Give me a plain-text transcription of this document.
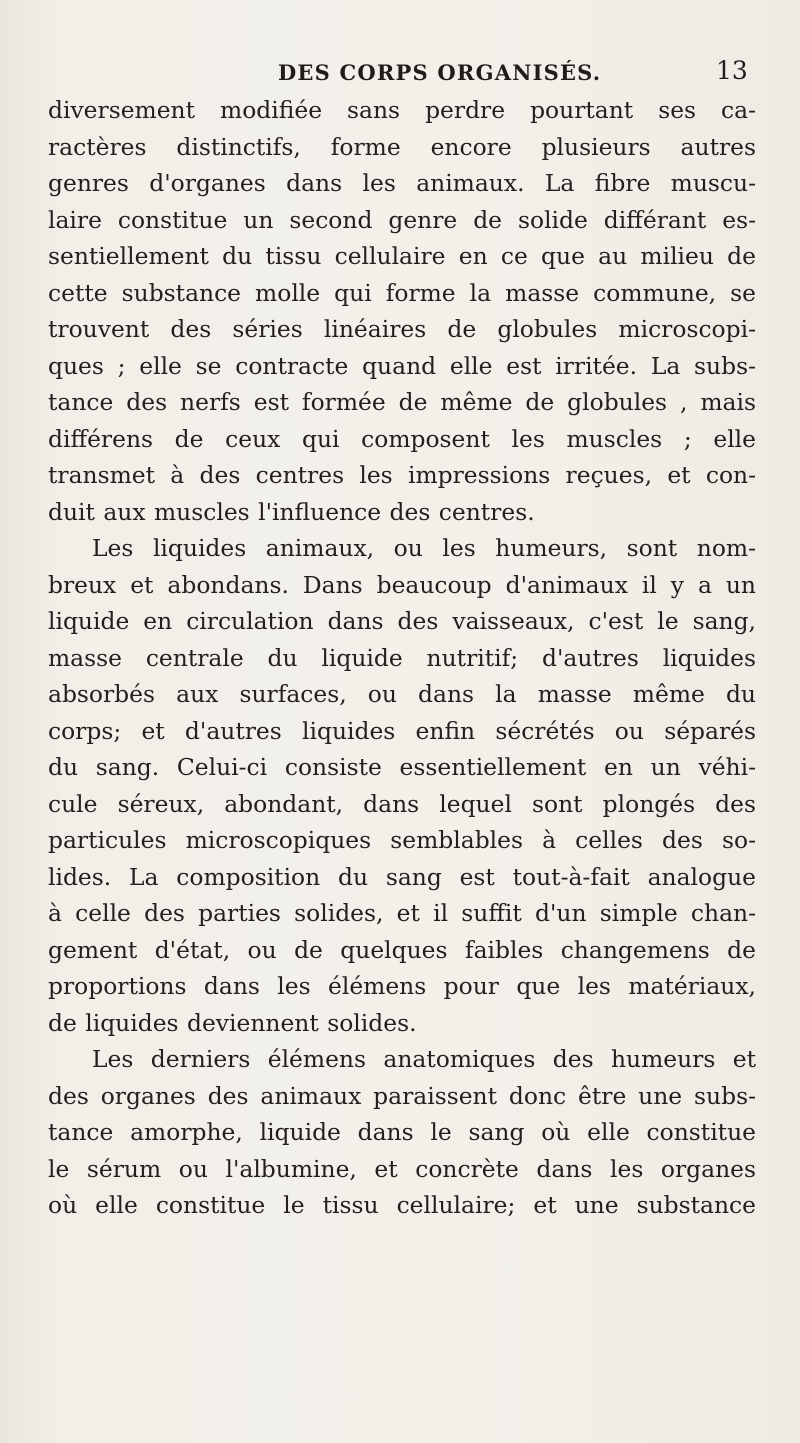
DES CORPS ORGANISÉS.	13
diversement modifiée sans perdre pourtant ses ca-
ractères distinctifs, forme encore plusieurs autres
genres d'organes dans les animaux. La fibre muscu-
laire constitue un second genre de solide différant es-
sentiellement du tissu cellulaire en ce que au milieu de
cette substance molle qui forme la masse commune, se
trouvent des séries linéaires de globules microscopi-
ques ; elle se contracte quand elle est irritée. La subs-
tance des nerfs est formée de même de globules , mais
différens de ceux qui composent les muscles ; elle
transmet à des centres les impressions reçues, et con-
duit aux muscles l'influence des centres.
Les liquides animaux, ou les humeurs, sont nom-
breux et abondans. Dans beaucoup d'animaux il y a un
liquide en circulation dans des vaisseaux, c'est le sang,
masse centrale du liquide nutritif; d'autres liquides
absorbés aux surfaces, ou dans la masse même du
corps; et d'autres liquides enfin sécrétés ou séparés
du sang. Celui-ci consiste essentiellement en un véhi-
cule séreux, abondant, dans lequel sont plongés des
particules microscopiques semblables à celles des so-
lides. La composition du sang est tout-à-fait analogue
à celle des parties solides, et il suffit d'un simple chan-
gement d'état, ou de quelques faibles changemens de
proportions dans les élémens pour que les matériaux,
de liquides deviennent solides.
Les derniers élémens anatomiques des humeurs et
des organes des animaux paraissent donc être une subs-
tance amorphe, liquide dans le sang où elle constitue
le sérum ou l'albumine, et concrète dans les organes
où elle constitue le tissu cellulaire; et une substance
